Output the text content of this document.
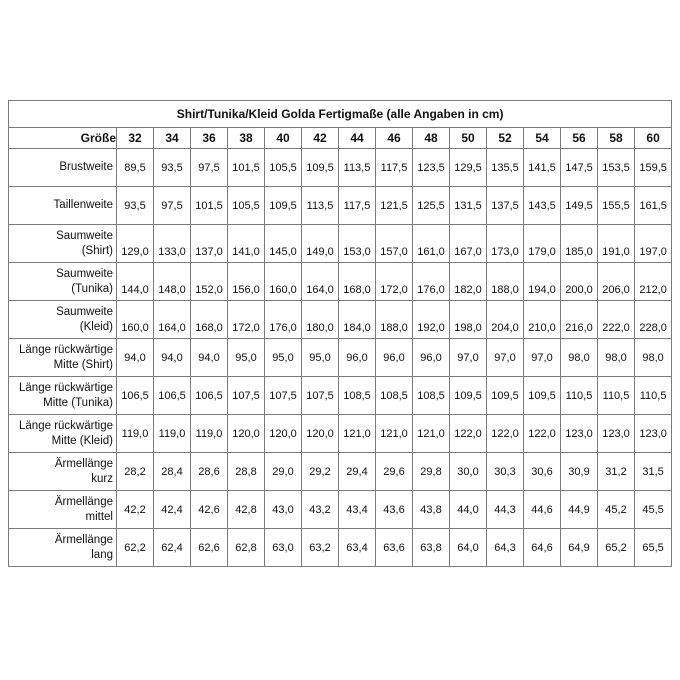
Shirt/Tunika/Kleid Golda Fertigmaße (alle Angaben in cm)															
Größe	32	34	36	38	40	42	44	46	48	50	52	54	56	58	60
Brustweite	89,5	93,5	97,5	101,5	105,5	109,5	113,5	117,5	123,5	129,5	135,5	141,5	147,5	153,5	159,5
Taillenweite	93,5	97,5	101,5	105,5	109,5	113,5	117,5	121,5	125,5	131,5	137,5	143,5	149,5	155,5	161,5
Saumweite
(Shirt)	129,0	133,0	137,0	141,0	145,0	149,0	153,0	157,0	161,0	167,0	173,0	179,0	185,0	191,0	197,0
Saumweite
(Tunika)	144,0	148,0	152,0	156,0	160,0	164,0	168,0	172,0	176,0	182,0	188,0	194,0	200,0	206,0	212,0
Saumweite
(Kleid)	160,0	164,0	168,0	172,0	176,0	180,0	184,0	188,0	192,0	198,0	204,0	210,0	216,0	222,0	228,0
Länge rückwärtige
Mitte (Shirt)	94,0	94,0	94,0	95,0	95,0	95,0	96,0	96,0	96,0	97,0	97,0	97,0	98,0	98,0	98,0
Länge rückwärtige
Mitte (Tunika)	106,5	106,5	106,5	107,5	107,5	107,5	108,5	108,5	108,5	109,5	109,5	109,5	110,5	110,5	110,5
Länge rückwärtige
Mitte (Kleid)	119,0	119,0	119,0	120,0	120,0	120,0	121,0	121,0	121,0	122,0	122,0	122,0	123,0	123,0	123,0
Ärmellänge
kurz	28,2	28,4	28,6	28,8	29,0	29,2	29,4	29,6	29,8	30,0	30,3	30,6	30,9	31,2	31,5
Ärmellänge
mittel	42,2	42,4	42,6	42,8	43,0	43,2	43,4	43,6	43,8	44,0	44,3	44,6	44,9	45,2	45,5
Ärmellänge
lang	62,2	62,4	62,6	62,8	63,0	63,2	63,4	63,6	63,8	64,0	64,3	64,6	64,9	65,2	65,5
